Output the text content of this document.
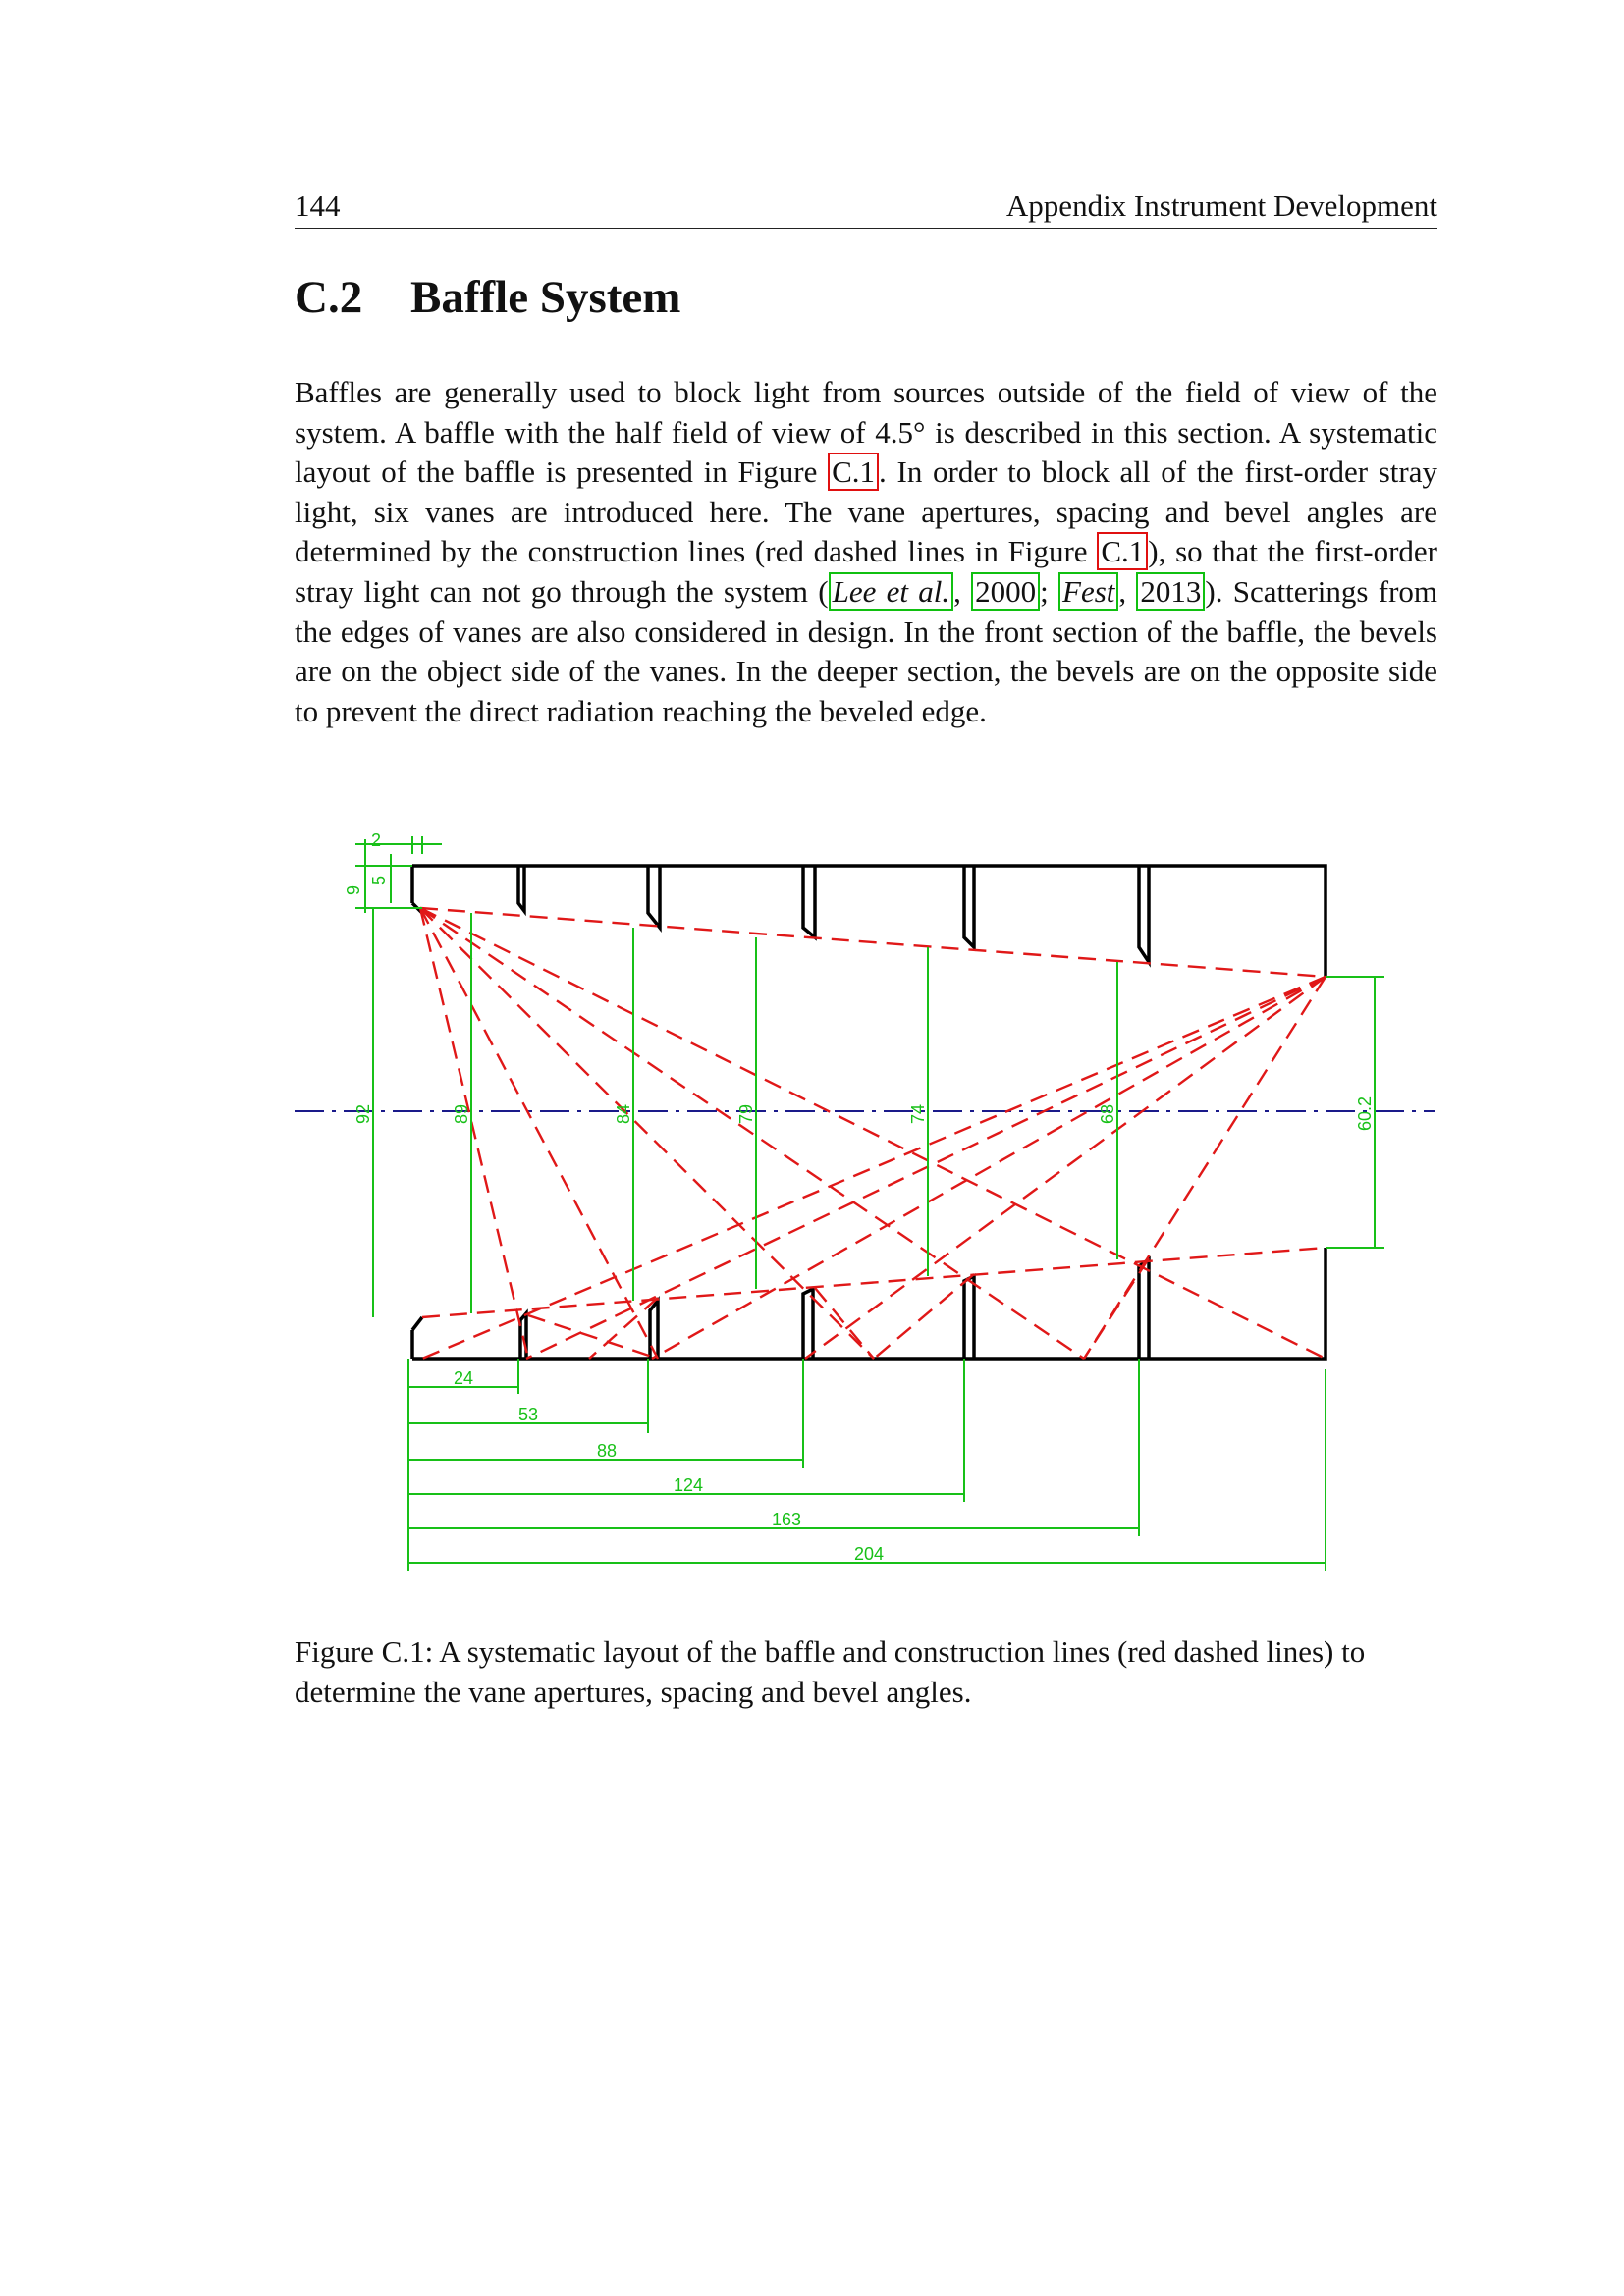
144	Appendix Instrument Development
C.2 Baffle System

Baffles are generally used to block light from sources outside of the field of view of the system. A baffle with the half field of view of 4.5° is described in this section. A systematic layout of the baffle is presented in Figure C.1 . In order to block all of the first-order stray light, six vanes are introduced here. The vane apertures, spacing and bevel angles are determined by the construction lines (red dashed lines in Figure C.1 ), so that the first-order stray light can not go through the system ( Lee et al. , 2000 ; Fest , 2013 ). Scatterings from the edges of vanes are also considered in design. In the front section of the baffle, the bevels are on the object side of the vanes. In the deeper section, the bevels are on the opposite side to prevent the direct radiation reaching the beveled edge.

2
5
9
92	89	84	79	74	68	60.2
24
53
88
124
163
204

Figure C.1: A systematic layout of the baffle and construction lines (red dashed lines) to determine the vane apertures, spacing and bevel angles.
